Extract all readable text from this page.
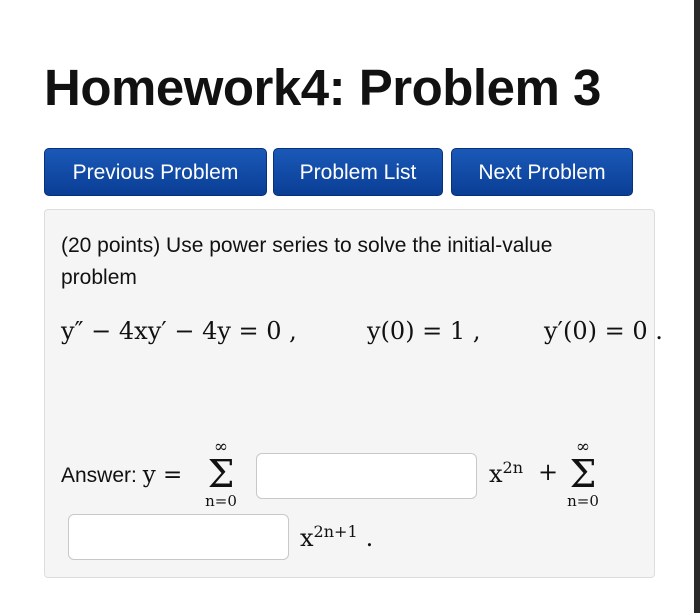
Homework4: Problem 3
Previous Problem	Problem List	Next Problem
(20 points) Use power series to solve the initial-value problem
y″ − 4xy′ − 4y = 0 ,	y(0) = 1 ,	y′(0) = 0 .
Answer: y =
∞
Σ
n=0
$x^{2n}$ +
∞
Σ
n=0
$x^{2n+1}$ .
